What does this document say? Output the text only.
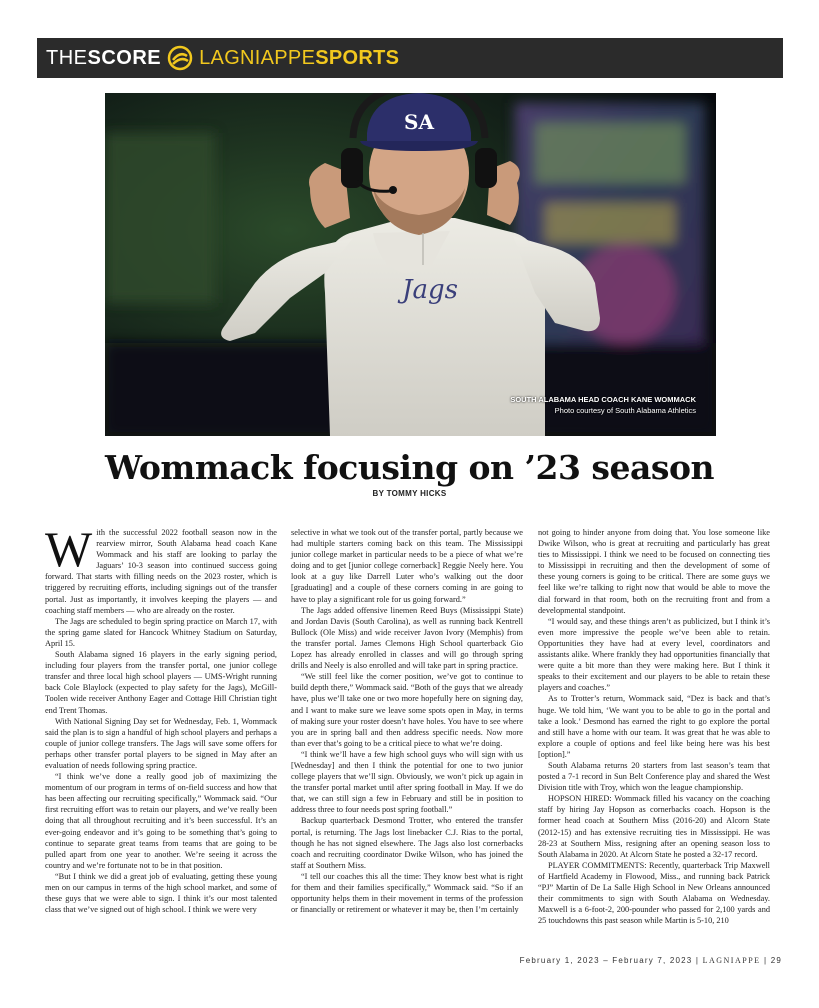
THESCORE LAGNIAPPESPORTS
SA
Jags
SOUTH ALABAMA HEAD COACH KANE WOMMACK
Photo courtesy of South Alabama Athletics
Wommack focusing on ’23 season
BY TOMMY HICKS

With the successful 2022 football season now in the rearview mirror, South Alabama head coach Kane Wommack and his staff are looking to parlay the Jaguars’ 10-3 season into continued success going forward. That starts with filling needs on the 2023 roster, which is triggered by recruiting efforts, including signings out of the transfer portal. Just as importantly, it involves keeping the players — and coaching staff members — who are already on the roster.

The Jags are scheduled to begin spring practice on March 17, with the spring game slated for Hancock Whitney Stadium on Saturday, April 15.

South Alabama signed 16 players in the early signing period, including four players from the transfer portal, one junior college transfer and three local high school players — UMS-Wright running back Cole Blaylock (expected to play safety for the Jags), McGill-Toolen wide receiver Anthony Eager and Cottage Hill Christian tight end Trent Thomas.

With National Signing Day set for Wednesday, Feb. 1, Wommack said the plan is to sign a handful of high school players and perhaps a couple of junior college transfers. The Jags will save some offers for perhaps other transfer portal players to be signed in May after an evaluation of needs following spring practice.

“I think we’ve done a really good job of maximizing the momentum of our program in terms of on-field success and how that has been affecting our recruiting specifically,” Wommack said. “Our first recruiting effort was to retain our players, and we’ve really been doing that all throughout recruiting and it’s been successful. It’s an ever-going endeavor and it’s going to be something that’s going to continue to separate great teams from teams that are going to be pulled apart from one year to another. We’re seeing it across the country and we’re fortunate not to be in that position.

“But I think we did a great job of evaluating, getting these young men on our campus in terms of the high school market, and some of these guys that we were able to sign. I think it’s our most talented class that we’ve signed out of high school. I think we were very

selective in what we took out of the transfer portal, partly because we had multiple starters coming back on this team. The Mississippi junior college market in particular needs to be a piece of what we’re doing and to get [junior college cornerback] Reggie Neely here. You look at a guy like Darrell Luter who’s walking out the door [graduating] and a couple of these corners coming in are going to have to play a significant role for us going forward.”

The Jags added offensive linemen Reed Buys (Mississippi State) and Jordan Davis (South Carolina), as well as running back Kentrell Bullock (Ole Miss) and wide receiver Javon Ivory (Memphis) from the transfer portal. James Clemons High School quarterback Gio Lopez has already enrolled in classes and will go through spring drills and Neely is also enrolled and will take part in spring practice.

“We still feel like the corner position, we’ve got to continue to build depth there,” Wommack said. “Both of the guys that we already have, plus we’ll take one or two more hopefully here on signing day, and I want to make sure we leave some spots open in May, in terms of making sure your roster doesn’t have holes. You have to see where you are in spring ball and then address specific needs. Now more than ever that’s going to be a critical piece to what we’re doing.

“I think we’ll have a few high school guys who will sign with us [Wednesday] and then I think the potential for one to two junior college players that we’ll sign. Obviously, we won’t pick up again in the transfer portal market until after spring football in May. If we do that, we can still sign a few in February and still be in position to address three to four needs post spring football.”

Backup quarterback Desmond Trotter, who entered the transfer portal, is returning. The Jags lost linebacker C.J. Rias to the portal, though he has not signed elsewhere. The Jags also lost cornerbacks coach and recruiting coordinator Dwike Wilson, who has joined the staff at Southern Miss.

“I tell our coaches this all the time: They know best what is right for them and their families specifically,” Wommack said. “So if an opportunity helps them in their movement in terms of the profession or financially or retirement or whatever it may be, then I’m certainly

not going to hinder anyone from doing that. You lose someone like Dwike Wilson, who is great at recruiting and particularly has great ties to Mississippi. I think we need to be focused on connecting ties to Mississippi in recruiting and then the development of some of these young corners is going to be critical. There are some guys we feel like we’re talking to right now that would be able to move the dial forward in that room, both on the recruiting front and from a developmental standpoint.

“I would say, and these things aren’t as publicized, but I think it’s even more impressive the people we’ve been able to retain. Opportunities they have had at every level, coordinators and assistants alike. Where frankly they had opportunities financially that were quite a bit more than they were making here. But I think it speaks to their excitement and our players to be able to retain these players and coaches.”

As to Trotter’s return, Wommack said, “Dez is back and that’s huge. We told him, ‘We want you to be able to go in the portal and take a look.’ Desmond has earned the right to go explore the portal and still have a home with our team. It was great that he was able to explore a couple of options and feel like being here was his best [option].”

South Alabama returns 20 starters from last season’s team that posted a 7-1 record in Sun Belt Conference play and shared the West Division title with Troy, which won the league championship.

HOPSON HIRED: Wommack filled his vacancy on the coaching staff by hiring Jay Hopson as cornerbacks coach. Hopson is the former head coach at Southern Miss (2016-20) and Alcorn State (2012-15) and has extensive recruiting ties in Mississippi. He was 28-23 at Southern Miss, resigning after an opening season loss to South Alabama in 2020. At Alcorn State he posted a 32-17 record.

PLAYER COMMITMENTS: Recently, quarterback Trip Maxwell of Hartfield Academy in Flowood, Miss., and running back Patrick “PJ” Martin of De La Salle High School in New Orleans announced their commitments to sign with South Alabama on Wednesday. Maxwell is a 6-foot-2, 200-pounder who passed for 2,100 yards and 25 touchdowns this past season while Martin is 5-10, 210

February 1, 2023 – February 7, 2023 | LAGNIAPPE | 29
